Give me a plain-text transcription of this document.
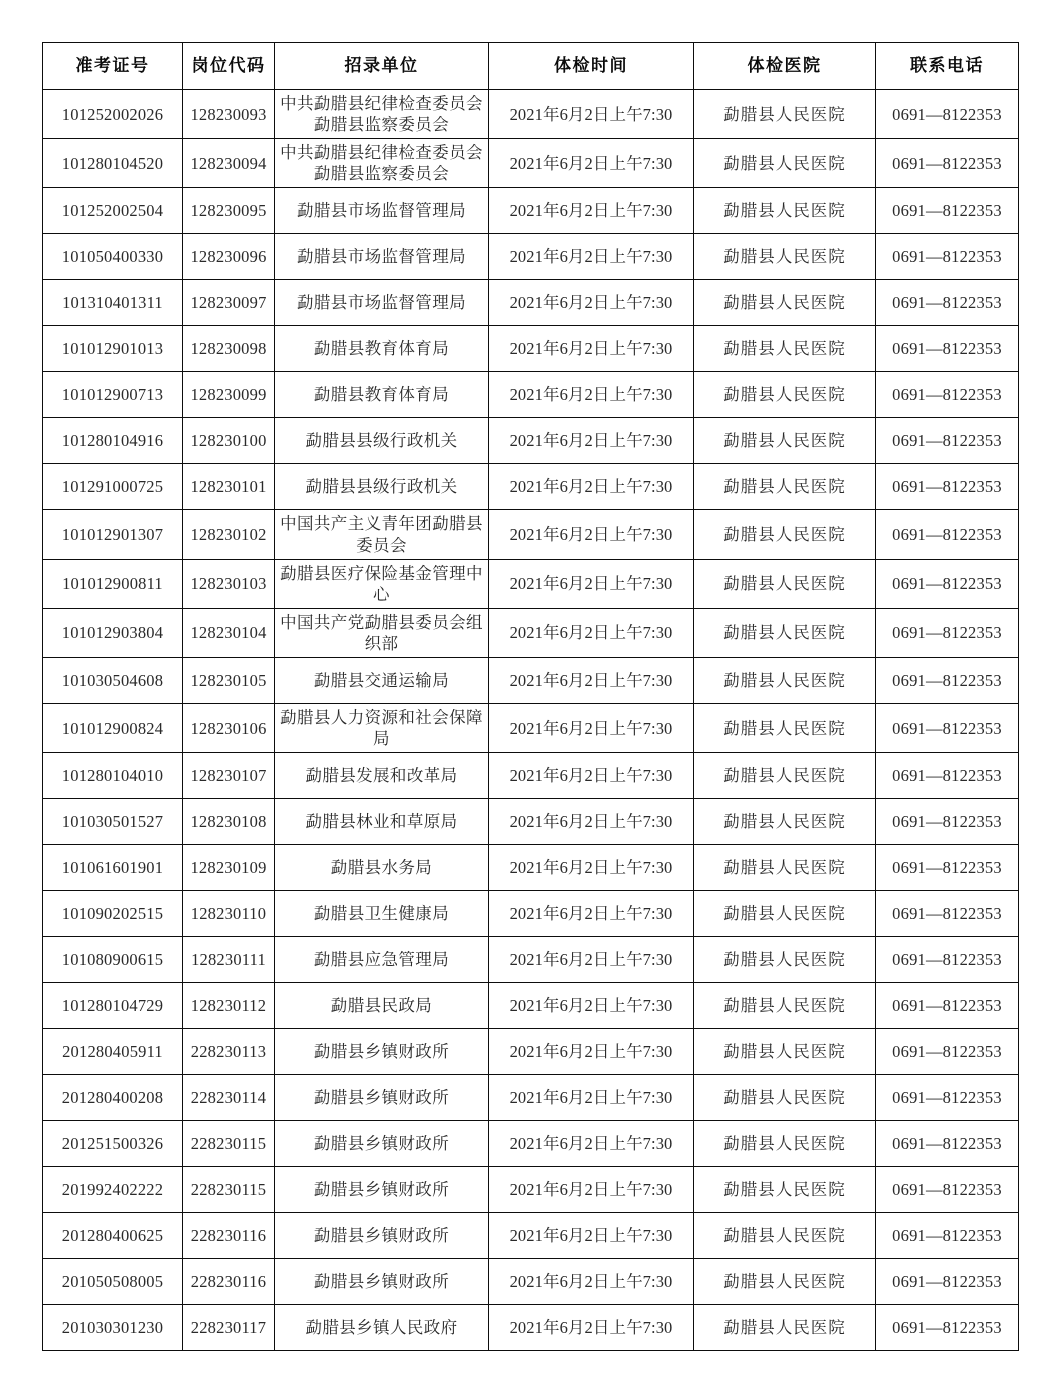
准考证号	岗位代码	招录单位	体检时间	体检医院	联系电话
101252002026	128230093	中共勐腊县纪律检查委员会勐腊县监察委员会	2021年6月2日上午7:30	勐腊县人民医院	0691—8122353
101280104520	128230094	中共勐腊县纪律检查委员会勐腊县监察委员会	2021年6月2日上午7:30	勐腊县人民医院	0691—8122353
101252002504	128230095	勐腊县市场监督管理局	2021年6月2日上午7:30	勐腊县人民医院	0691—8122353
101050400330	128230096	勐腊县市场监督管理局	2021年6月2日上午7:30	勐腊县人民医院	0691—8122353
101310401311	128230097	勐腊县市场监督管理局	2021年6月2日上午7:30	勐腊县人民医院	0691—8122353
101012901013	128230098	勐腊县教育体育局	2021年6月2日上午7:30	勐腊县人民医院	0691—8122353
101012900713	128230099	勐腊县教育体育局	2021年6月2日上午7:30	勐腊县人民医院	0691—8122353
101280104916	128230100	勐腊县县级行政机关	2021年6月2日上午7:30	勐腊县人民医院	0691—8122353
101291000725	128230101	勐腊县县级行政机关	2021年6月2日上午7:30	勐腊县人民医院	0691—8122353
101012901307	128230102	中国共产主义青年团勐腊县委员会	2021年6月2日上午7:30	勐腊县人民医院	0691—8122353
101012900811	128230103	勐腊县医疗保险基金管理中心	2021年6月2日上午7:30	勐腊县人民医院	0691—8122353
101012903804	128230104	中国共产党勐腊县委员会组织部	2021年6月2日上午7:30	勐腊县人民医院	0691—8122353
101030504608	128230105	勐腊县交通运输局	2021年6月2日上午7:30	勐腊县人民医院	0691—8122353
101012900824	128230106	勐腊县人力资源和社会保障局	2021年6月2日上午7:30	勐腊县人民医院	0691—8122353
101280104010	128230107	勐腊县发展和改革局	2021年6月2日上午7:30	勐腊县人民医院	0691—8122353
101030501527	128230108	勐腊县林业和草原局	2021年6月2日上午7:30	勐腊县人民医院	0691—8122353
101061601901	128230109	勐腊县水务局	2021年6月2日上午7:30	勐腊县人民医院	0691—8122353
101090202515	128230110	勐腊县卫生健康局	2021年6月2日上午7:30	勐腊县人民医院	0691—8122353
101080900615	128230111	勐腊县应急管理局	2021年6月2日上午7:30	勐腊县人民医院	0691—8122353
101280104729	128230112	勐腊县民政局	2021年6月2日上午7:30	勐腊县人民医院	0691—8122353
201280405911	228230113	勐腊县乡镇财政所	2021年6月2日上午7:30	勐腊县人民医院	0691—8122353
201280400208	228230114	勐腊县乡镇财政所	2021年6月2日上午7:30	勐腊县人民医院	0691—8122353
201251500326	228230115	勐腊县乡镇财政所	2021年6月2日上午7:30	勐腊县人民医院	0691—8122353
201992402222	228230115	勐腊县乡镇财政所	2021年6月2日上午7:30	勐腊县人民医院	0691—8122353
201280400625	228230116	勐腊县乡镇财政所	2021年6月2日上午7:30	勐腊县人民医院	0691—8122353
201050508005	228230116	勐腊县乡镇财政所	2021年6月2日上午7:30	勐腊县人民医院	0691—8122353
201030301230	228230117	勐腊县乡镇人民政府	2021年6月2日上午7:30	勐腊县人民医院	0691—8122353
